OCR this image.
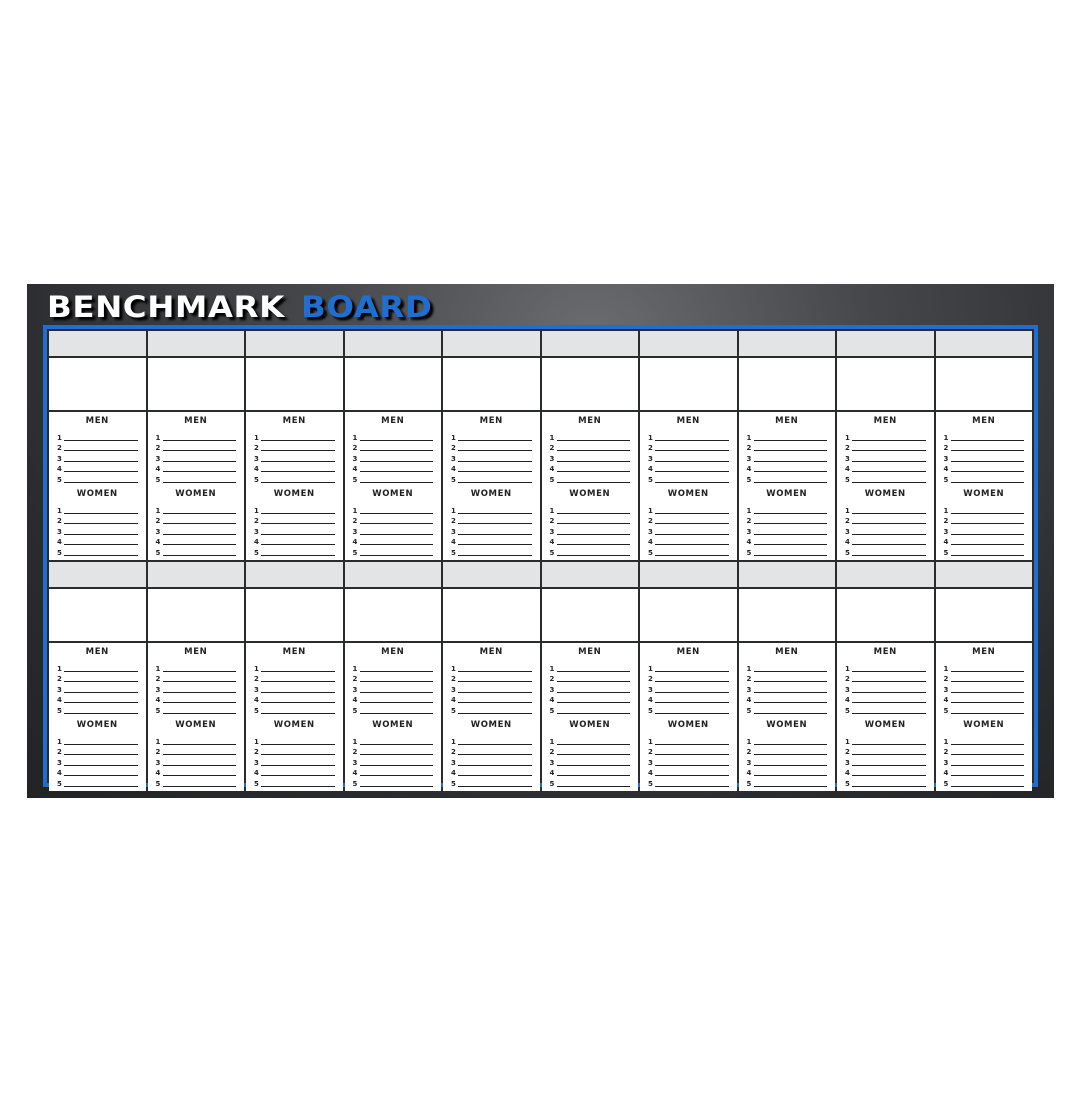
BENCHMARK BOARD
MEN
1
2
3
4
5
WOMEN
1
2
3
4
5
MEN
1
2
3
4
5
WOMEN
1
2
3
4
5
MEN
1
2
3
4
5
WOMEN
1
2
3
4
5
MEN
1
2
3
4
5
WOMEN
1
2
3
4
5
MEN
1
2
3
4
5
WOMEN
1
2
3
4
5
MEN
1
2
3
4
5
WOMEN
1
2
3
4
5
MEN
1
2
3
4
5
WOMEN
1
2
3
4
5
MEN
1
2
3
4
5
WOMEN
1
2
3
4
5
MEN
1
2
3
4
5
WOMEN
1
2
3
4
5
MEN
1
2
3
4
5
WOMEN
1
2
3
4
5
MEN
1
2
3
4
5
WOMEN
1
2
3
4
5
MEN
1
2
3
4
5
WOMEN
1
2
3
4
5
MEN
1
2
3
4
5
WOMEN
1
2
3
4
5
MEN
1
2
3
4
5
WOMEN
1
2
3
4
5
MEN
1
2
3
4
5
WOMEN
1
2
3
4
5
MEN
1
2
3
4
5
WOMEN
1
2
3
4
5
MEN
1
2
3
4
5
WOMEN
1
2
3
4
5
MEN
1
2
3
4
5
WOMEN
1
2
3
4
5
MEN
1
2
3
4
5
WOMEN
1
2
3
4
5
MEN
1
2
3
4
5
WOMEN
1
2
3
4
5
